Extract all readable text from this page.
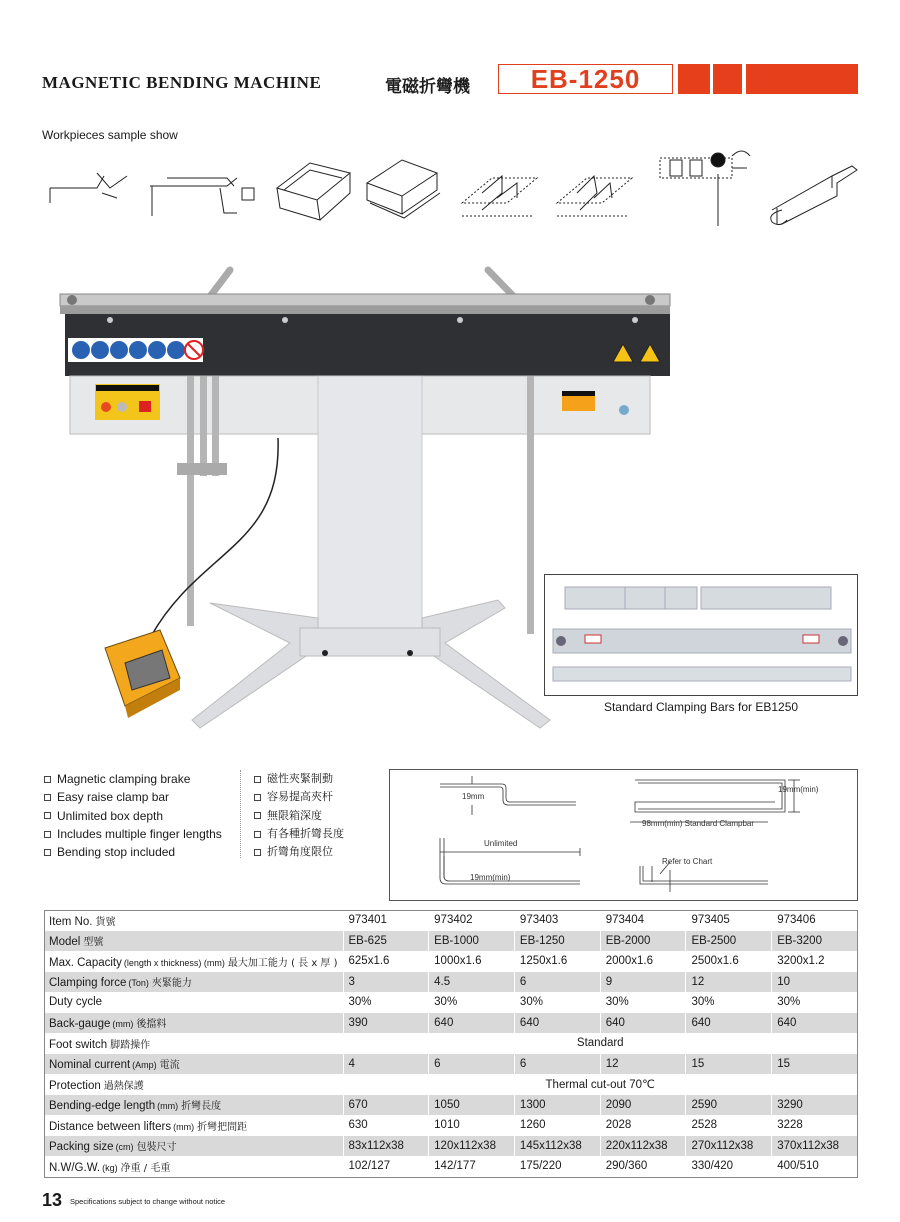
MAGNETIC BENDING MACHINE	電磁折彎機 EB-1250
Workpieces sample show
Standard Clamping Bars for EB1250
Magnetic clamping brake
Easy raise clamp bar
Unlimited box depth
Includes multiple finger lengths
Bending stop included
磁性夾緊制動
容易提高夾杆
無限箱深度
有各種折彎長度
折彎角度限位
19mm
Unlimited
19mm(min)
19mm(min)
98mm(min) Standard Clampbar
Refer to Chart
Item No. 貨號	973401	973402	973403	973404	973405	973406
Model 型號	EB-625	EB-1000	EB-1250	EB-2000	EB-2500	EB-3200
Max. Capacity (length x thickness) (mm) 最大加工能力 ( 長 x 厚 )	625x1.6	1000x1.6	1250x1.6	2000x1.6	2500x1.6	3200x1.2
Clamping force (Ton) 夾緊能力	3	4.5	6	9	12	10
Duty cycle	30%	30%	30%	30%	30%	30%
Back-gauge (mm) 後擋料	390	640	640	640	640	640
Foot switch 脚踏操作	Standard					
Nominal current (Amp) 電流	4	6	6	12	15	15
Protection 過熱保護	Thermal cut-out 70℃					
Bending-edge length (mm) 折彎長度	670	1050	1300	2090	2590	3290
Distance between lifters (mm) 折彎把間距	630	1010	1260	2028	2528	3228
Packing size (cm) 包裝尺寸	83x112x38	120x112x38	145x112x38	220x112x38	270x112x38	370x112x38
N.W/G.W. (kg) 净重 / 毛重	102/127	142/177	175/220	290/360	330/420	400/510
13 Specifications subject to change without notice
